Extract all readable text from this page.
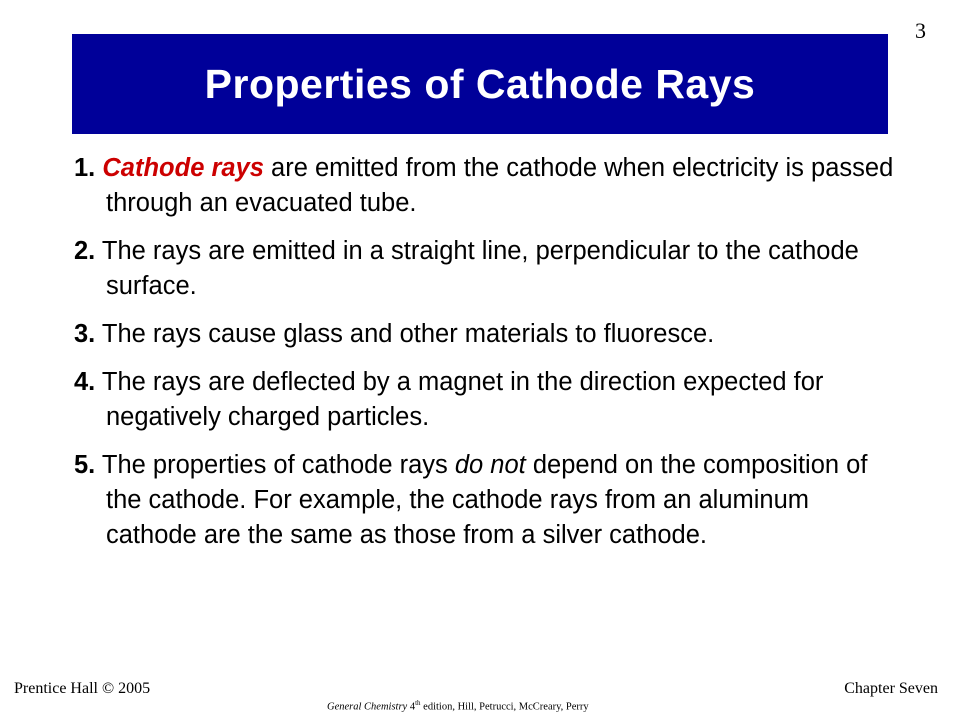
3
Properties of Cathode Rays
1. Cathode rays are emitted from the cathode when electricity is passed through an evacuated tube.
2. The rays are emitted in a straight line, perpendicular to the cathode surface.
3. The rays cause glass and other materials to fluoresce.
4. The rays are deflected by a magnet in the direction expected for negatively charged particles.
5. The properties of cathode rays do not depend on the composition of the cathode. For example, the cathode rays from an aluminum cathode are the same as those from a silver cathode.
Prentice Hall © 2005
General Chemistry 4th edition, Hill, Petrucci, McCreary, Perry
Chapter Seven
